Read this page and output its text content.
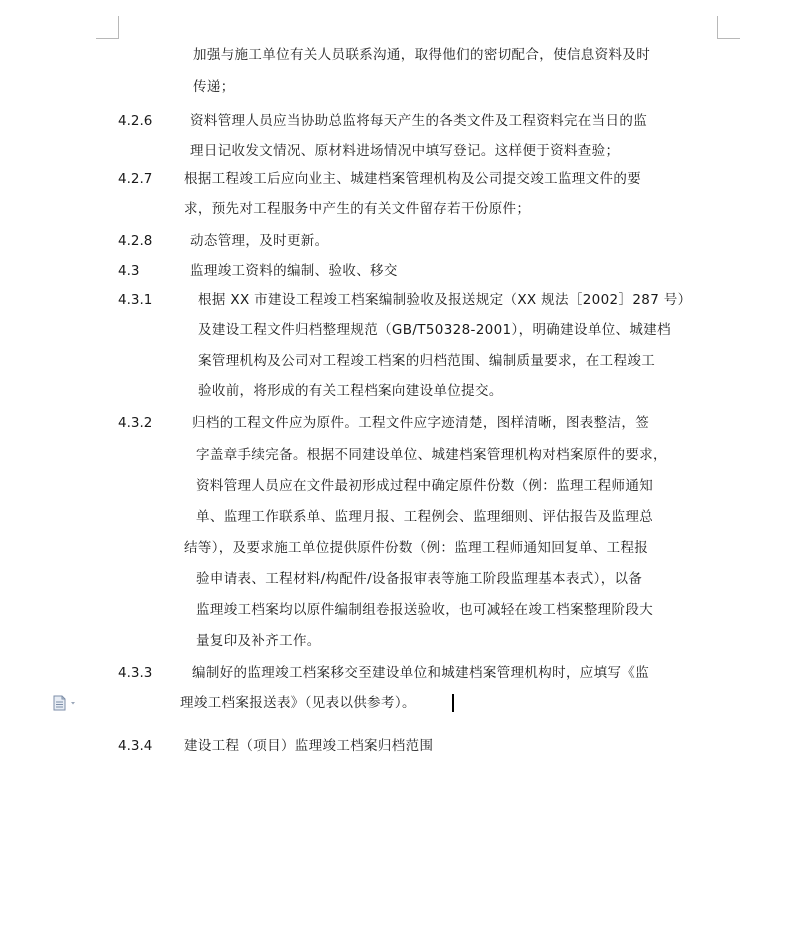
加强与施工单位有关人员联系沟通，取得他们的密切配合，使信息资料及时
传递；
4.2.6	资料管理人员应当协助总监将每天产生的各类文件及工程资料完在当日的监
理日记收发文情况、原材料进场情况中填写登记。这样便于资料查验；
4.2.7 根据工程竣工后应向业主、城建档案管理机构及公司提交竣工监理文件的要
求，预先对工程服务中产生的有关文件留存若干份原件；
4.2.8	动态管理，及时更新。
4.3	监理竣工资料的编制、验收、移交
4.3.1	根据 XX 市建设工程竣工档案编制验收及报送规定（XX 规法［2002］287 号）
及建设工程文件归档整理规范（GB/T50328-2001），明确建设单位、城建档
案管理机构及公司对工程竣工档案的归档范围、编制质量要求，在工程竣工
验收前，将形成的有关工程档案向建设单位提交。
4.3.2	归档的工程文件应为原件。工程文件应字迹清楚，图样清晰，图表整洁，签
字盖章手续完备。根据不同建设单位、城建档案管理机构对档案原件的要求，
资料管理人员应在文件最初形成过程中确定原件份数（例：监理工程师通知
单、监理工作联系单、监理月报、工程例会、监理细则、评估报告及监理总
结等），及要求施工单位提供原件份数（例：监理工程师通知回复单、工程报
验申请表、工程材料/构配件/设备报审表等施工阶段监理基本表式），以备
监理竣工档案均以原件编制组卷报送验收，也可减轻在竣工档案整理阶段大
量复印及补齐工作。
4.3.3	编制好的监理竣工档案移交至建设单位和城建档案管理机构时，应填写《监
理竣工档案报送表》（见表以供参考）。
4.3.4 建设工程（项目）监理竣工档案归档范围
